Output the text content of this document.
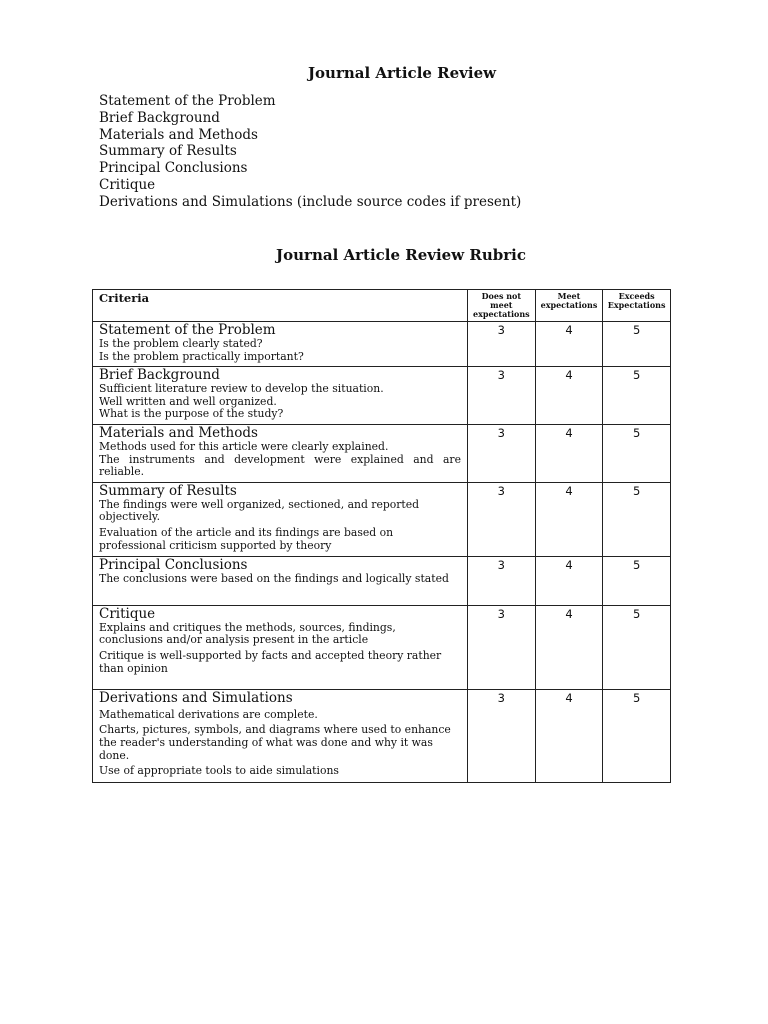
Journal Article Review
Statement of the Problem
Brief Background
Materials and Methods
Summary of Results
Principal Conclusions
Critique
Derivations and Simulations (include source codes if present)
Journal Article Review Rubric
Criteria	Does not meet expectations	Meet expectations	Exceeds Expectations

Statement of the Problem
Is the problem clearly stated?
Is the problem practically important?	3	4	5

Brief Background
Sufficient literature review to develop the situation.
Well written and well organized.
What is the purpose of the study?	3	4	5

Materials and Methods
Methods used for this article were clearly explained.
The instruments and development were explained and are reliable.	3	4	5

Summary of Results
The findings were well organized, sectioned, and reported objectively.
Evaluation of the article and its findings are based on professional criticism supported by theory	3	4	5

Principal Conclusions
The conclusions were based on the findings and logically stated	3	4	5

Critique
Explains and critiques the methods, sources, findings, conclusions and/or analysis present in the article
Critique is well-supported by facts and accepted theory rather than opinion	3	4	5

Derivations and Simulations
Mathematical derivations are complete.
Charts, pictures, symbols, and diagrams where used to enhance the reader's understanding of what was done and why it was done.
Use of appropriate tools to aide simulations	3	4	5
